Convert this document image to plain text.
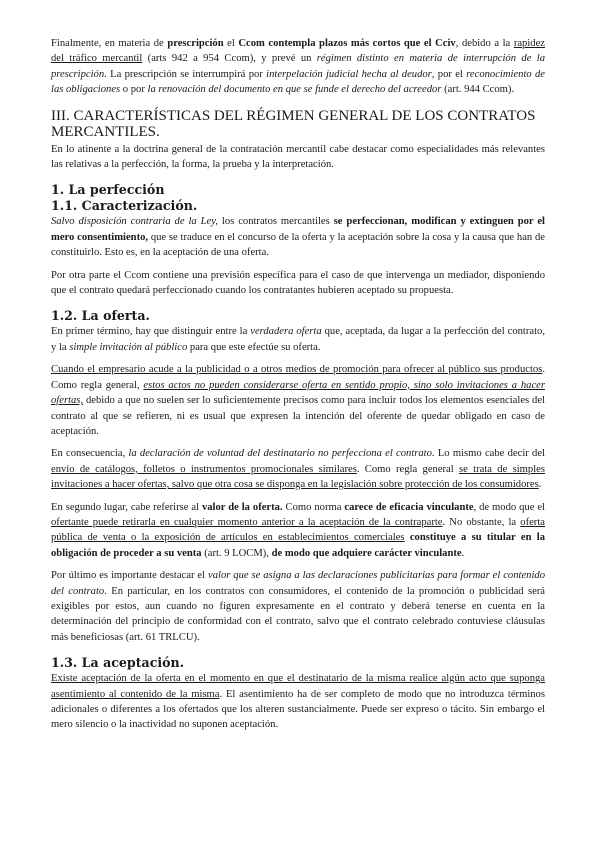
Finalmente, en materia de prescripción el Ccom contempla plazos más cortos que el Cciv, debido a la rapidez del tráfico mercantil (arts 942 a 954 Ccom), y prevé un régimen distinto en materia de interrupción de la prescripción. La prescripción se interrumpirá por interpelación judicial hecha al deudor, por el reconocimiento de las obligaciones o por la renovación del documento en que se funde el derecho del acreedor (art. 944 Ccom).

III. CARACTERÍSTICAS DEL RÉGIMEN GENERAL DE LOS CONTRATOS MERCANTILES.

En lo atinente a la doctrina general de la contratación mercantil cabe destacar como especialidades más relevantes las relativas a la perfección, la forma, la prueba y la interpretación.

1. La perfección
1.1. Caracterización.

Salvo disposición contraria de la Ley, los contratos mercantiles se perfeccionan, modifican y extinguen por el mero consentimiento, que se traduce en el concurso de la oferta y la aceptación sobre la cosa y la causa que han de constituirlo. Esto es, en la aceptación de una oferta.

Por otra parte el Ccom contiene una previsión específica para el caso de que intervenga un mediador, disponiendo que el contrato quedará perfeccionado cuando los contratantes hubieren aceptado su propuesta.

1.2. La oferta.

En primer término, hay que distinguir entre la verdadera oferta que, aceptada, da lugar a la perfección del contrato, y la simple invitación al público para que este efectúe su oferta.

Cuando el empresario acude a la publicidad o a otros medios de promoción para ofrecer al público sus productos. Como regla general, estos actos no pueden considerarse oferta en sentido propio, sino solo invitaciones a hacer ofertas, debido a que no suelen ser lo suficientemente precisos como para incluir todos los elementos esenciales del contrato al que se refieren, ni es usual que expresen la intención del oferente de quedar obligado en caso de aceptación.

En consecuencia, la declaración de voluntad del destinatario no perfecciona el contrato. Lo mismo cabe decir del envío de catálogos, folletos o instrumentos promocionales similares. Como regla general se trata de simples invitaciones a hacer ofertas, salvo que otra cosa se disponga en la legislación sobre protección de los consumidores.

En segundo lugar, cabe referirse al valor de la oferta. Como norma carece de eficacia vinculante, de modo que el ofertante puede retirarla en cualquier momento anterior a la aceptación de la contraparte. No obstante, la oferta pública de venta o la exposición de artículos en establecimientos comerciales constituye a su titular en la obligación de proceder a su venta (art. 9 LOCM), de modo que adquiere carácter vinculante.

Por último es importante destacar el valor que se asigna a las declaraciones publicitarias para formar el contenido del contrato. En particular, en los contratos con consumidores, el contenido de la promoción o publicidad será exigibles por estos, aun cuando no figuren expresamente en el contrato y deberá tenerse en cuenta en la determinación del principio de conformidad con el contrato, salvo que el contrato celebrado contuviese cláusulas más beneficiosas (art. 61 TRLCU).

1.3. La aceptación.

Existe aceptación de la oferta en el momento en que el destinatario de la misma realice algún acto que suponga asentimiento al contenido de la misma. El asentimiento ha de ser completo de modo que no introduzca términos adicionales o diferentes a los ofertados que los alteren sustancialmente. Puede ser expreso o tácito. Sin embargo el mero silencio o la inactividad no suponen aceptación.
